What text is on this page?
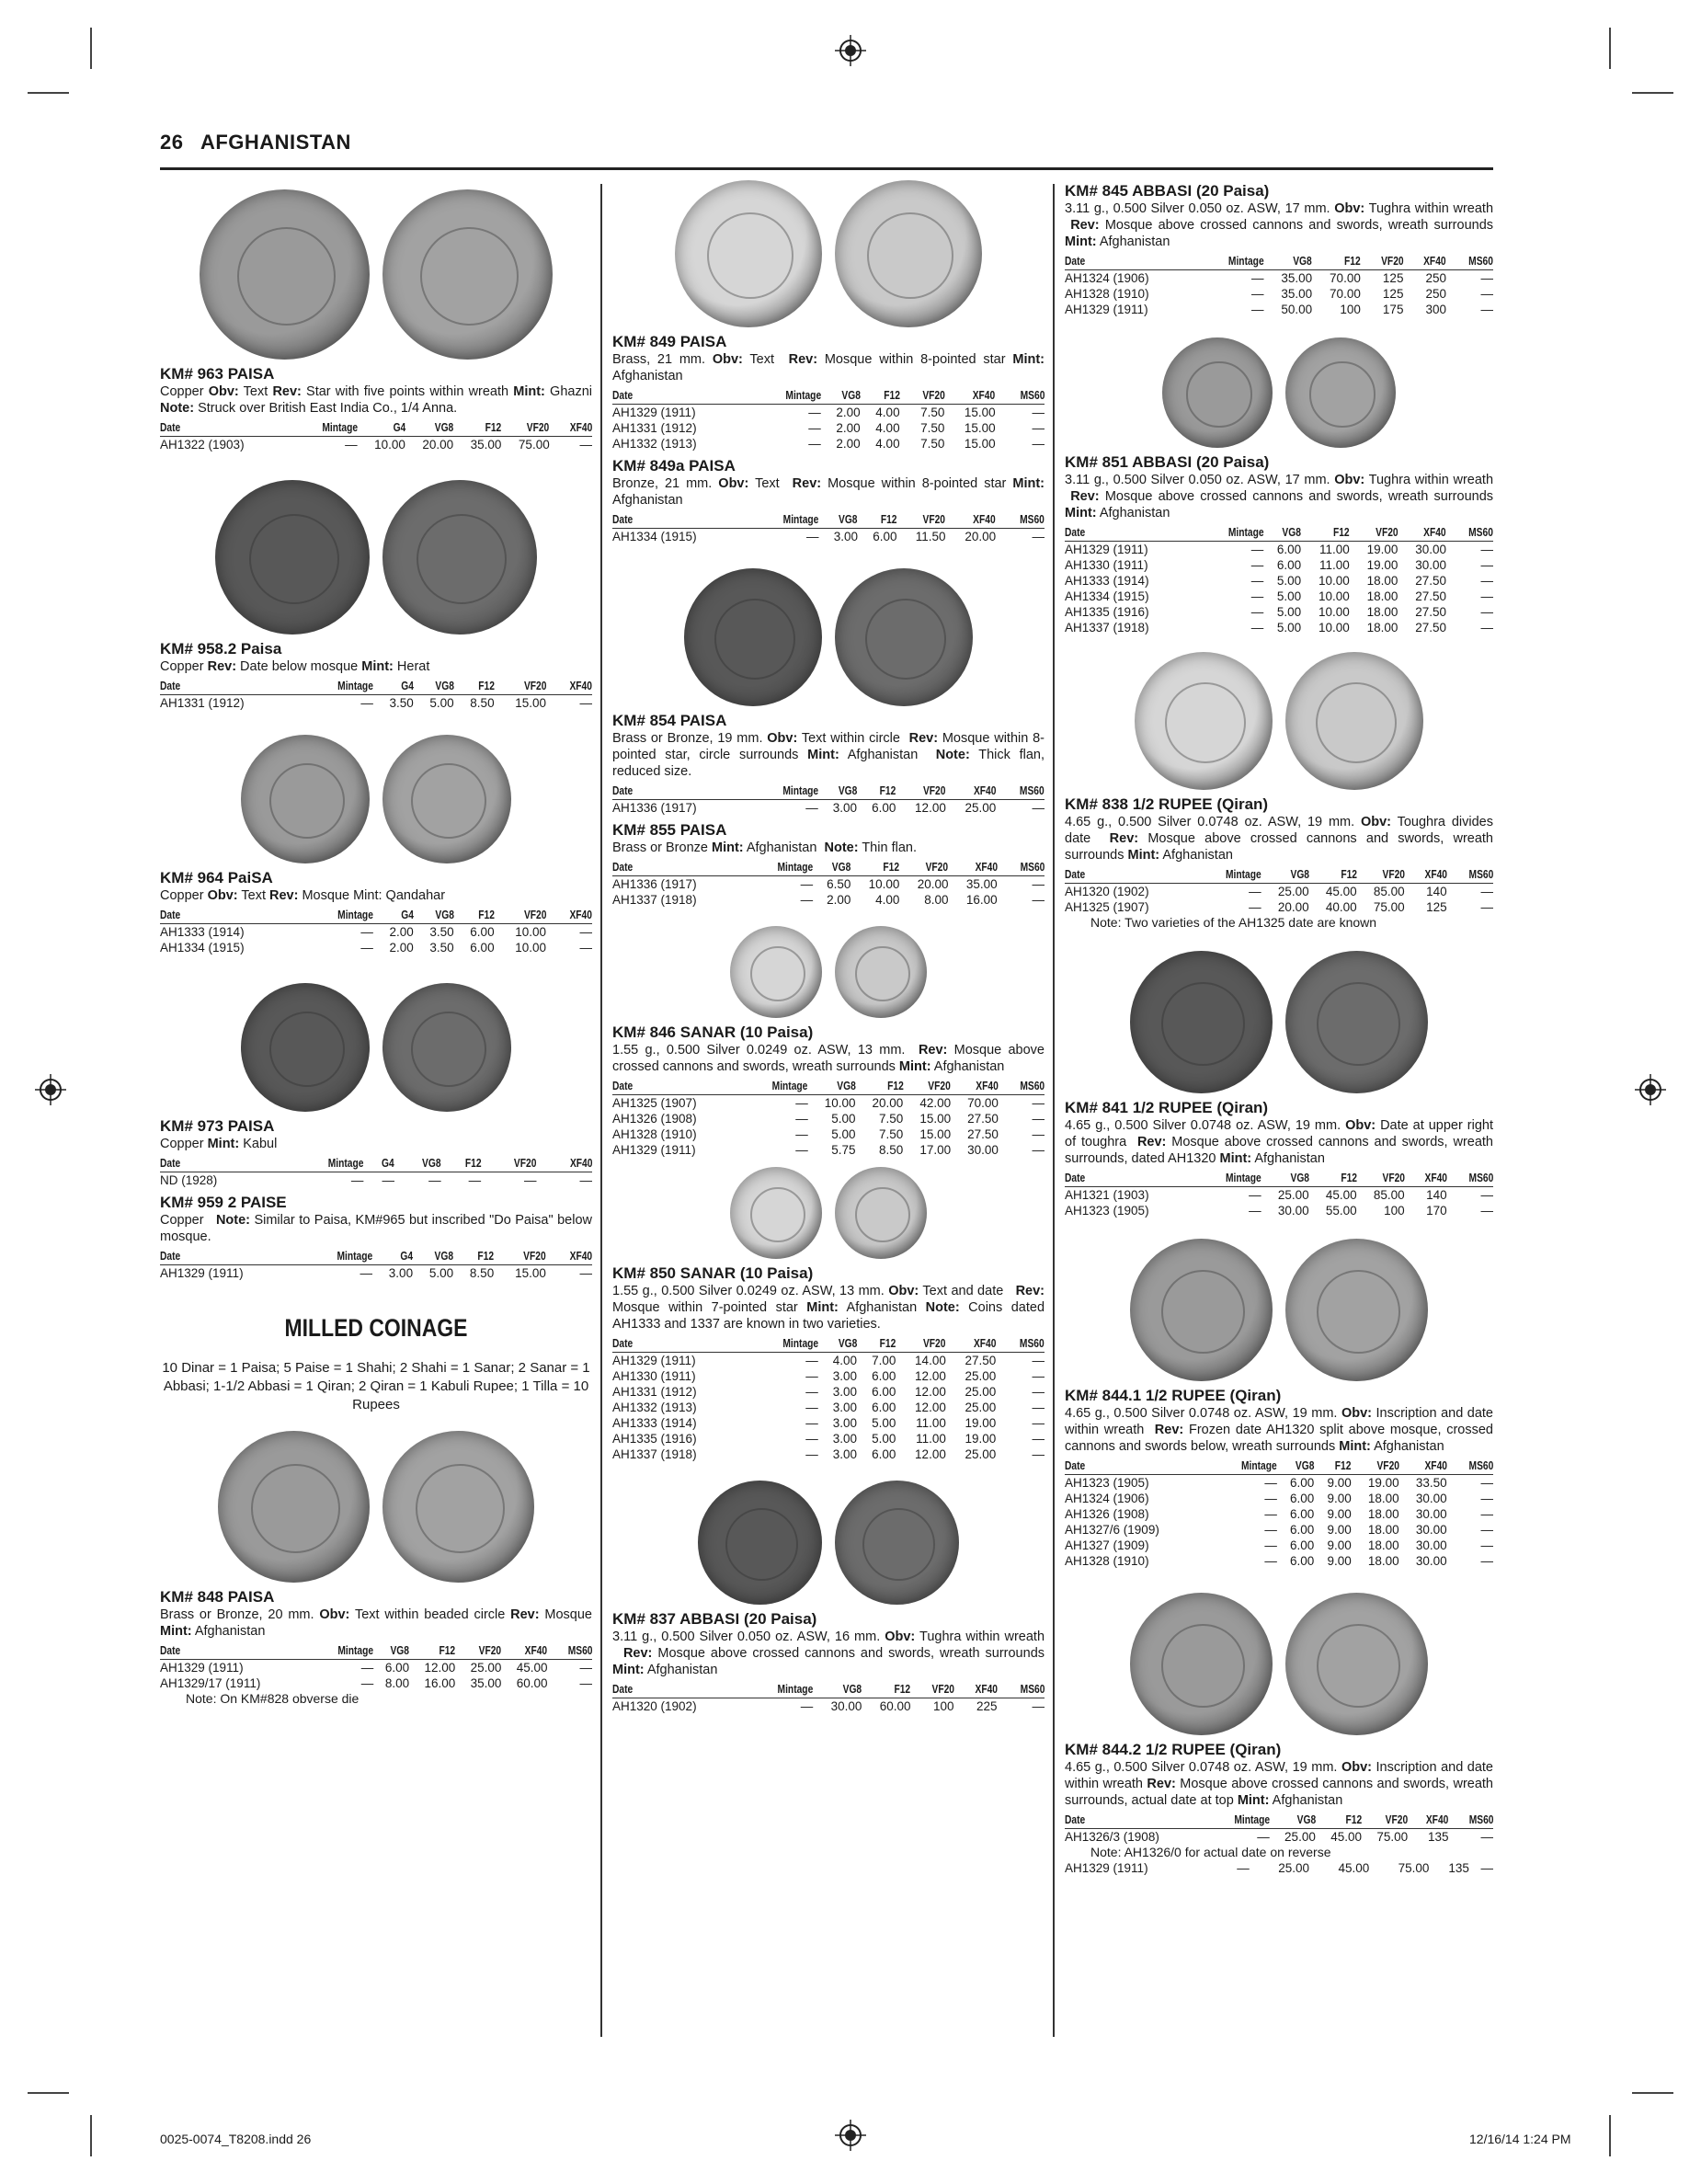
26 AFGHANISTAN
KM# 963 PAISA
Copper Obv: Text Rev: Star with five points within wreath Mint: Ghazni Note: Struck over British East India Co., 1/4 Anna.
Date	Mintage	G4	VG8	F12	VF20	XF40
AH1322 (1903)	—	10.00	20.00	35.00	75.00	—
KM# 958.2 Paisa
Copper Rev: Date below mosque Mint: Herat
Date	Mintage	G4	VG8	F12	VF20	XF40
AH1331 (1912)	—	3.50	5.00	8.50	15.00	—
KM# 964 PaiSA
Copper Obv: Text Rev: Mosque Mint: Qandahar
Date	Mintage	G4	VG8	F12	VF20	XF40
AH1333 (1914)	—	2.00	3.50	6.00	10.00	—
AH1334 (1915)	—	2.00	3.50	6.00	10.00	—
KM# 973 PAISA
Copper Mint: Kabul
Date	Mintage	G4	VG8	F12	VF20	XF40
ND (1928)	—	—	—	—	—	—
KM# 959 2 PAISE
Copper   Note: Similar to Paisa, KM#965 but inscribed "Do Paisa" below mosque.
Date	Mintage	G4	VG8	F12	VF20	XF40
AH1329 (1911)	—	3.00	5.00	8.50	15.00	—
MILLED COINAGE
10 Dinar = 1 Paisa; 5 Paise = 1 Shahi; 2 Shahi = 1 Sanar; 2 Sanar = 1 Abbasi; 1-1/2 Abbasi = 1 Qiran; 2 Qiran = 1 Kabuli Rupee; 1 Tilla = 10 Rupees
KM# 848 PAISA
Brass or Bronze, 20 mm. Obv: Text within beaded circle Rev: Mosque Mint: Afghanistan
Date	Mintage	VG8	F12	VF20	XF40	MS60
AH1329 (1911)	—	6.00	12.00	25.00	45.00	—
AH1329/17 (1911)	—	8.00	16.00	35.00	60.00	—
Note: On KM#828 obverse die
KM# 849 PAISA
Brass, 21 mm. Obv: Text  Rev: Mosque within 8-pointed star Mint: Afghanistan
Date	Mintage	VG8	F12	VF20	XF40	MS60
AH1329 (1911)	—	2.00	4.00	7.50	15.00	—
AH1331 (1912)	—	2.00	4.00	7.50	15.00	—
AH1332 (1913)	—	2.00	4.00	7.50	15.00	—
KM# 849a PAISA
Bronze, 21 mm. Obv: Text  Rev: Mosque within 8-pointed star Mint: Afghanistan
Date	Mintage	VG8	F12	VF20	XF40	MS60
AH1334 (1915)	—	3.00	6.00	11.50	20.00	—
KM# 854 PAISA
Brass or Bronze, 19 mm. Obv: Text within circle  Rev: Mosque within 8-pointed star, circle surrounds Mint: Afghanistan  Note: Thick flan, reduced size.
Date	Mintage	VG8	F12	VF20	XF40	MS60
AH1336 (1917)	—	3.00	6.00	12.00	25.00	—
KM# 855 PAISA
Brass or Bronze Mint: Afghanistan  Note: Thin flan.
Date	Mintage	VG8	F12	VF20	XF40	MS60
AH1336 (1917)	—	6.50	10.00	20.00	35.00	—
AH1337 (1918)	—	2.00	4.00	8.00	16.00	—
KM# 846 SANAR (10 Paisa)
1.55 g., 0.500 Silver 0.0249 oz. ASW, 13 mm.  Rev: Mosque above crossed cannons and swords, wreath surrounds Mint: Afghanistan
Date	Mintage	VG8	F12	VF20	XF40	MS60
AH1325 (1907)	—	10.00	20.00	42.00	70.00	—
AH1326 (1908)	—	5.00	7.50	15.00	27.50	—
AH1328 (1910)	—	5.00	7.50	15.00	27.50	—
AH1329 (1911)	—	5.75	8.50	17.00	30.00	—
KM# 850 SANAR (10 Paisa)
1.55 g., 0.500 Silver 0.0249 oz. ASW, 13 mm. Obv: Text and date   Rev: Mosque within 7-pointed star Mint: Afghanistan Note: Coins dated AH1333 and 1337 are known in two varieties.
Date	Mintage	VG8	F12	VF20	XF40	MS60
AH1329 (1911)	—	4.00	7.00	14.00	27.50	—
AH1330 (1911)	—	3.00	6.00	12.00	25.00	—
AH1331 (1912)	—	3.00	6.00	12.00	25.00	—
AH1332 (1913)	—	3.00	6.00	12.00	25.00	—
AH1333 (1914)	—	3.00	5.00	11.00	19.00	—
AH1335 (1916)	—	3.00	5.00	11.00	19.00	—
AH1337 (1918)	—	3.00	6.00	12.00	25.00	—
KM# 837 ABBASI (20 Paisa)
3.11 g., 0.500 Silver 0.050 oz. ASW, 16 mm. Obv: Tughra within wreath   Rev: Mosque above crossed cannons and swords, wreath surrounds Mint: Afghanistan
Date	Mintage	VG8	F12	VF20	XF40	MS60
AH1320 (1902)	—	30.00	60.00	100	225	—
KM# 845 ABBASI (20 Paisa)
3.11 g., 0.500 Silver 0.050 oz. ASW, 17 mm. Obv: Tughra within wreath  Rev: Mosque above crossed cannons and swords, wreath surrounds Mint: Afghanistan
Date	Mintage	VG8	F12	VF20	XF40	MS60
AH1324 (1906)	—	35.00	70.00	125	250	—
AH1328 (1910)	—	35.00	70.00	125	250	—
AH1329 (1911)	—	50.00	100	175	300	—
KM# 851 ABBASI (20 Paisa)
3.11 g., 0.500 Silver 0.050 oz. ASW, 17 mm. Obv: Tughra within wreath  Rev: Mosque above crossed cannons and swords, wreath surrounds Mint: Afghanistan
Date	Mintage	VG8	F12	VF20	XF40	MS60
AH1329 (1911)	—	6.00	11.00	19.00	30.00	—
AH1330 (1911)	—	6.00	11.00	19.00	30.00	—
AH1333 (1914)	—	5.00	10.00	18.00	27.50	—
AH1334 (1915)	—	5.00	10.00	18.00	27.50	—
AH1335 (1916)	—	5.00	10.00	18.00	27.50	—
AH1337 (1918)	—	5.00	10.00	18.00	27.50	—
KM# 838 1/2 RUPEE (Qiran)
4.65 g., 0.500 Silver 0.0748 oz. ASW, 19 mm. Obv: Toughra divides date  Rev: Mosque above crossed cannons and swords, wreath surrounds Mint: Afghanistan
Date	Mintage	VG8	F12	VF20	XF40	MS60
AH1320 (1902)	—	25.00	45.00	85.00	140	—
AH1325 (1907)	—	20.00	40.00	75.00	125	—
Note: Two varieties of the AH1325 date are known
KM# 841 1/2 RUPEE (Qiran)
4.65 g., 0.500 Silver 0.0748 oz. ASW, 19 mm. Obv: Date at upper right of toughra  Rev: Mosque above crossed cannons and swords, wreath surrounds, dated AH1320 Mint: Afghanistan
Date	Mintage	VG8	F12	VF20	XF40	MS60
AH1321 (1903)	—	25.00	45.00	85.00	140	—
AH1323 (1905)	—	30.00	55.00	100	170	—
KM# 844.1 1/2 RUPEE (Qiran)
4.65 g., 0.500 Silver 0.0748 oz. ASW, 19 mm. Obv: Inscription and date within wreath  Rev: Frozen date AH1320 split above mosque, crossed cannons and swords below, wreath surrounds Mint: Afghanistan
Date	Mintage	VG8	F12	VF20	XF40	MS60
AH1323 (1905)	—	6.00	9.00	19.00	33.50	—
AH1324 (1906)	—	6.00	9.00	18.00	30.00	—
AH1326 (1908)	—	6.00	9.00	18.00	30.00	—
AH1327/6 (1909)	—	6.00	9.00	18.00	30.00	—
AH1327 (1909)	—	6.00	9.00	18.00	30.00	—
AH1328 (1910)	—	6.00	9.00	18.00	30.00	—
KM# 844.2 1/2 RUPEE (Qiran)
4.65 g., 0.500 Silver 0.0748 oz. ASW, 19 mm. Obv: Inscription and date within wreath Rev: Mosque above crossed cannons and swords, wreath surrounds, actual date at top Mint: Afghanistan
Date	Mintage	VG8	F12	VF20	XF40	MS60
AH1326/3 (1908)	—	25.00	45.00	75.00	135	—
Note: AH1326/0 for actual date on reverse
AH1329 (1911)	—	25.00	45.00	75.00	135	—
0025-0074_T8208.indd 26	12/16/14 1:24 PM
